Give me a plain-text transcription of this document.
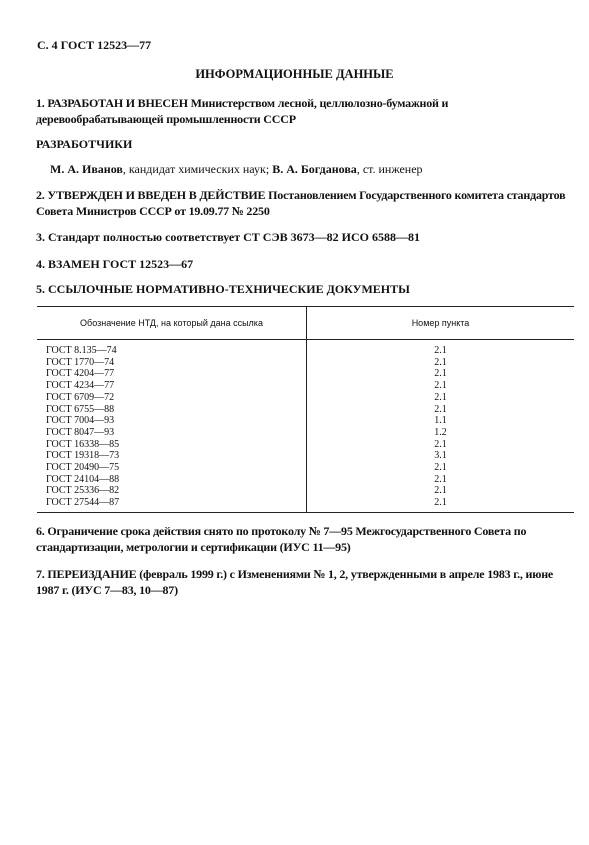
С. 4 ГОСТ 12523—77
ИНФОРМАЦИОННЫЕ ДАННЫЕ
1. РАЗРАБОТАН И ВНЕСЕН Министерством лесной, целлюлозно-бумажной и деревообрабатывающей промышленности СССР
РАЗРАБОТЧИКИ
М. А. Иванов, кандидат химических наук; В. А. Богданова, ст. инженер
2. УТВЕРЖДЕН И ВВЕДЕН В ДЕЙСТВИЕ Постановлением Государственного комитета стандартов Совета Министров СССР от 19.09.77 № 2250
3. Стандарт полностью соответствует СТ СЭВ 3673—82 ИСО 6588—81
4. ВЗАМЕН ГОСТ 12523—67
5. ССЫЛОЧНЫЕ НОРМАТИВНО-ТЕХНИЧЕСКИЕ ДОКУМЕНТЫ
Обозначение НТД, на который дана ссылка	Номер пункта
ГОСТ 8.135—74	2.1
ГОСТ 1770—74	2.1
ГОСТ 4204—77	2.1
ГОСТ 4234—77	2.1
ГОСТ 6709—72	2.1
ГОСТ 6755—88	2.1
ГОСТ 7004—93	1.1
ГОСТ 8047—93	1.2
ГОСТ 16338—85	2.1
ГОСТ 19318—73	3.1
ГОСТ 20490—75	2.1
ГОСТ 24104—88	2.1
ГОСТ 25336—82	2.1
ГОСТ 27544—87	2.1
6. Ограничение срока действия снято по протоколу № 7—95 Межгосударственного Совета по стандартизации, метрологии и сертификации (ИУС 11—95)
7. ПЕРЕИЗДАНИЕ (февраль 1999 г.) с Изменениями № 1, 2, утвержденными в апреле 1983 г., июне 1987 г. (ИУС 7—83, 10—87)
